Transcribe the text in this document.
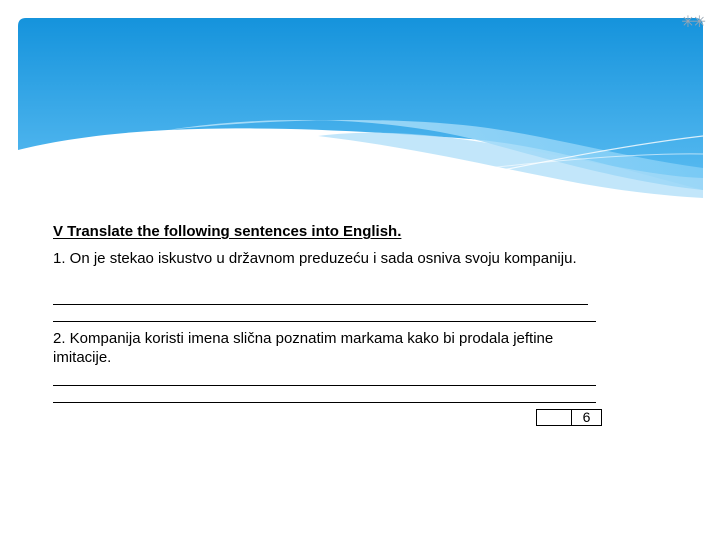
✳✳

V Translate the following sentences into English.

1. On je stekao iskustvo u državnom preduzeću i sada osniva svoju kompaniju.

2. Kompanija koristi imena slična poznatim markama kako bi prodala jeftine imitacije.

6
